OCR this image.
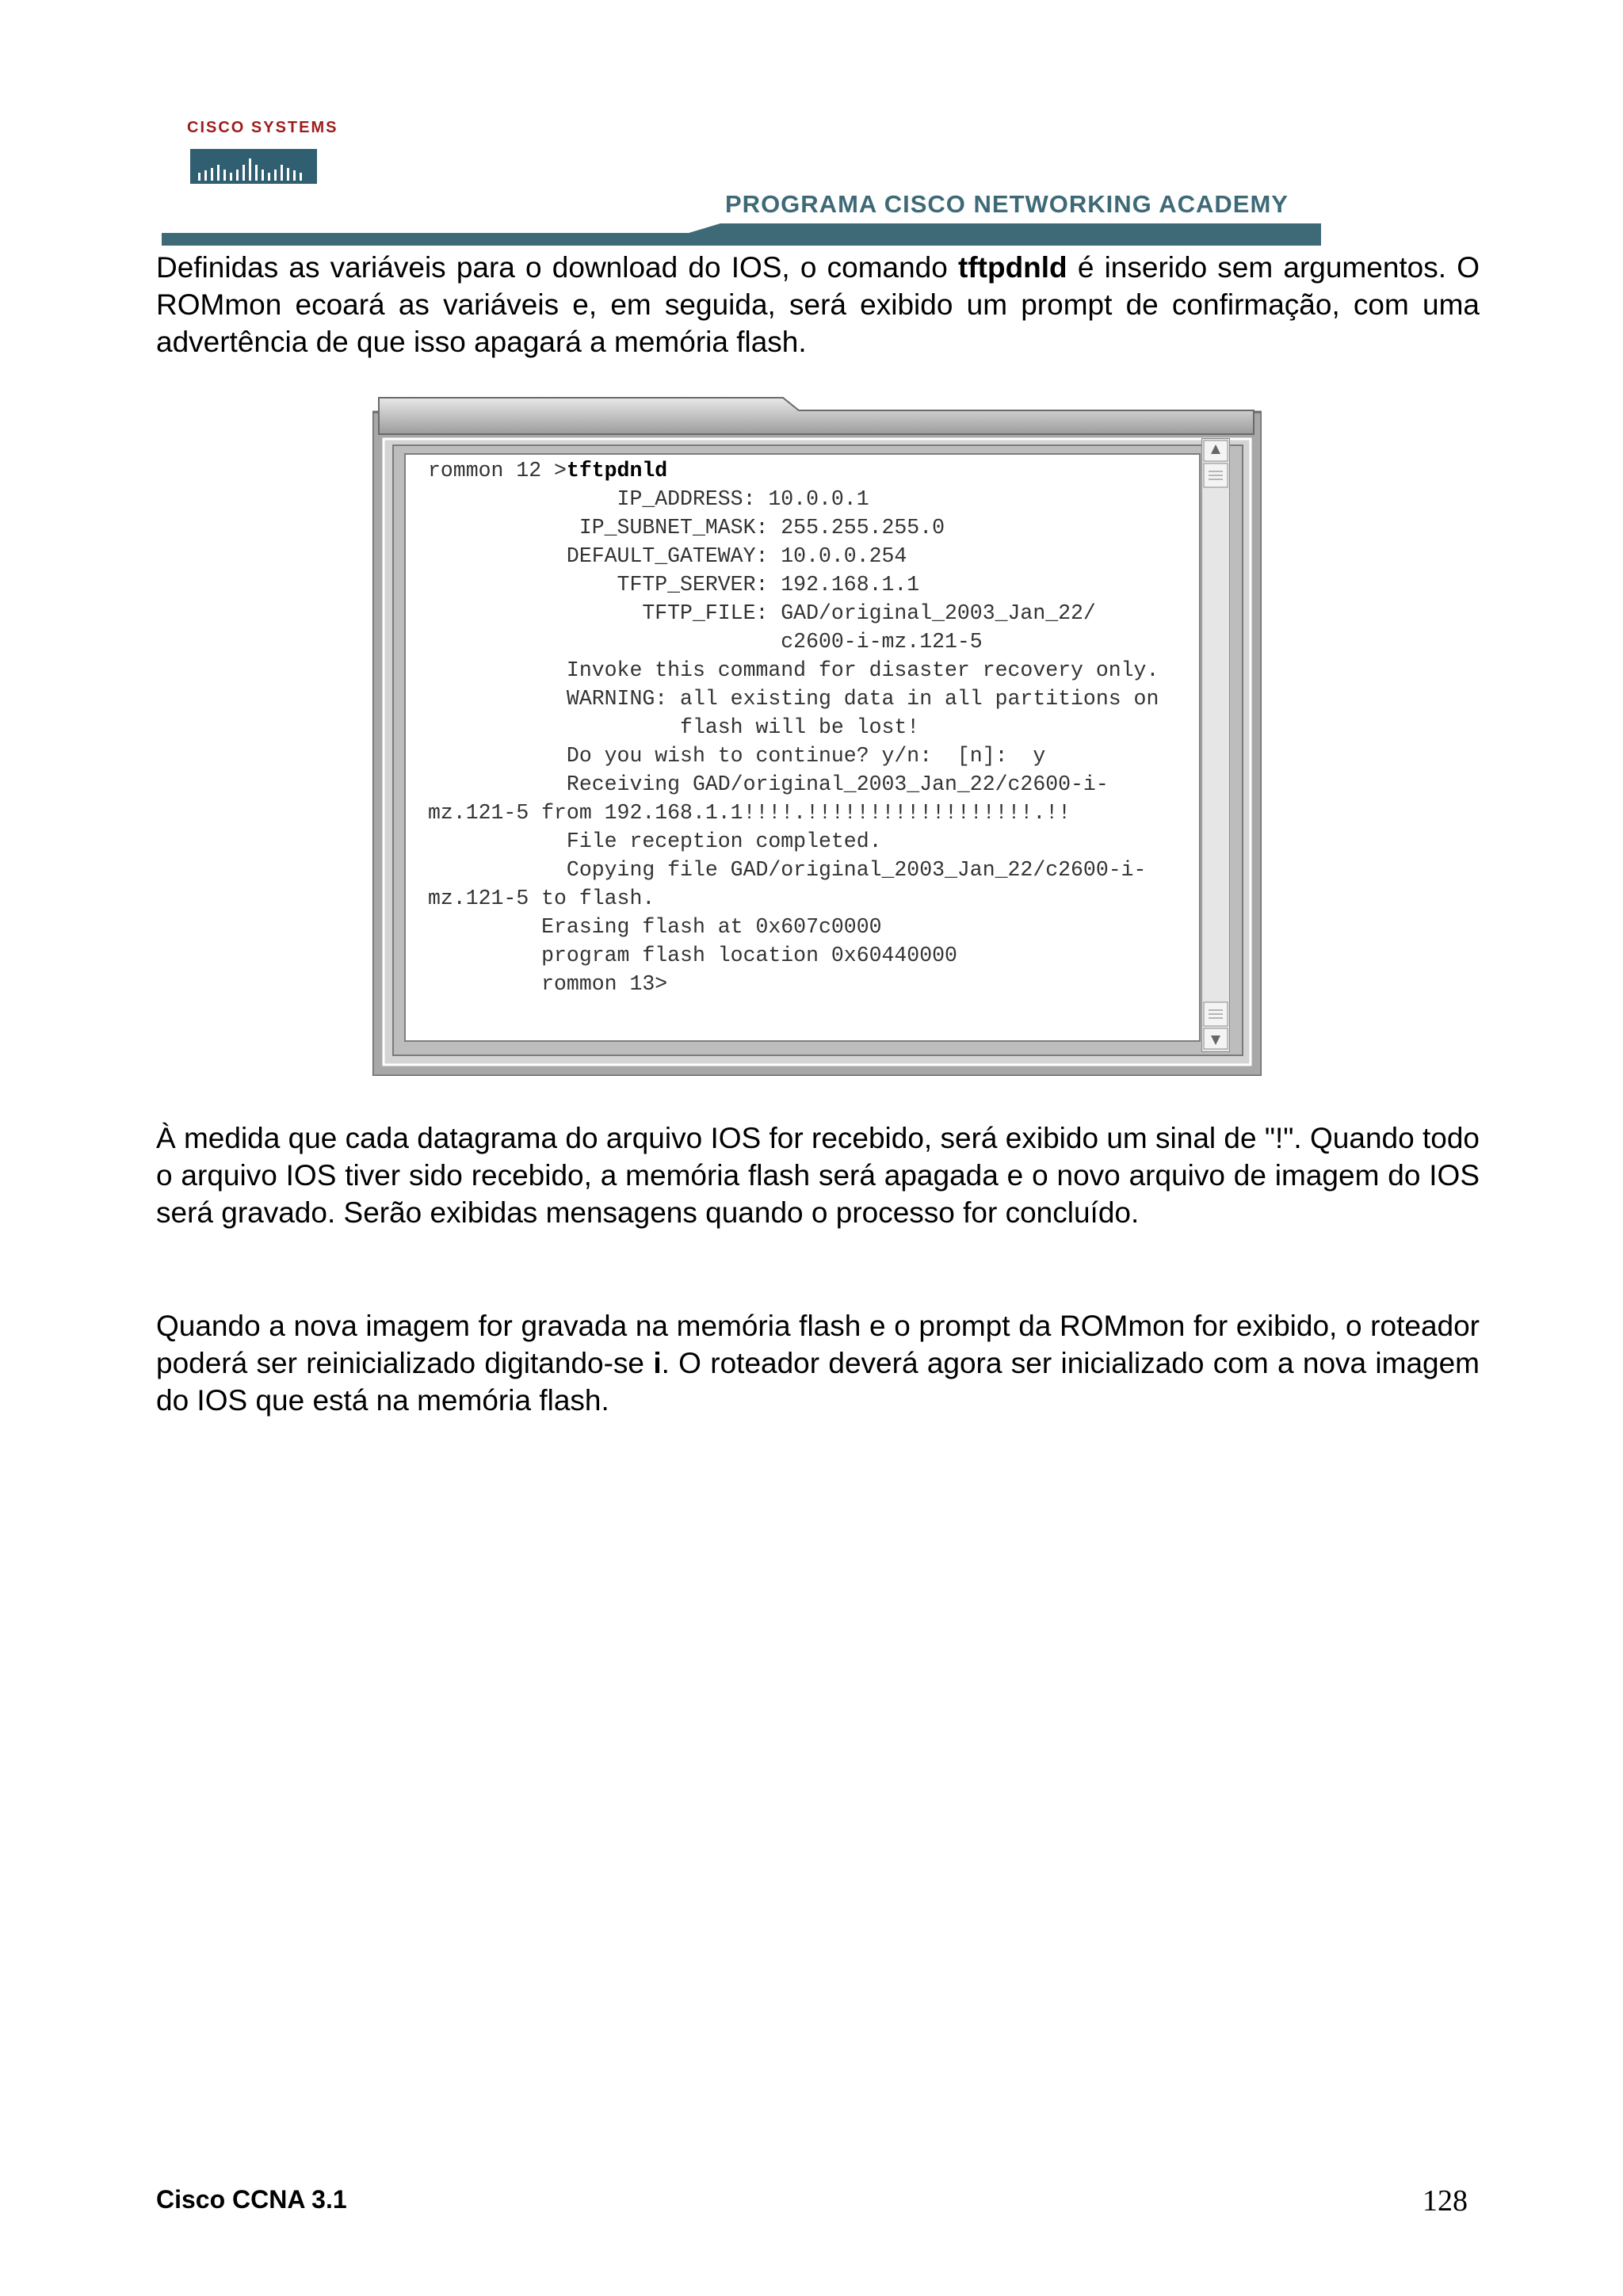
CISCO SYSTEMS
PROGRAMA CISCO NETWORKING ACADEMY

Definidas as variáveis para o download do IOS, o comando tftpdnld é inserido sem argumentos. O ROMmon ecoará as variáveis e, em seguida, será exibido um prompt de confirmação, com uma advertência de que isso apagará a memória flash.

rommon 12 >tftpdnld
IP_ADDRESS: 10.0.0.1
IP_SUBNET_MASK: 255.255.255.0
DEFAULT_GATEWAY: 10.0.0.254
TFTP_SERVER: 192.168.1.1
TFTP_FILE: GAD/original_2003_Jan_22/
c2600-i-mz.121-5
Invoke this command for disaster recovery only.
WARNING: all existing data in all partitions on
flash will be lost!
Do you wish to continue? y/n:  [n]:  y
Receiving GAD/original_2003_Jan_22/c2600-i-
mz.121-5 from 192.168.1.1!!!!.!!!!!!!!!!!!!!!!!!.!!
File reception completed.
Copying file GAD/original_2003_Jan_22/c2600-i-
mz.121-5 to flash.
Erasing flash at 0x607c0000
program flash location 0x60440000
rommon 13>

À medida que cada datagrama do arquivo IOS for recebido, será exibido um sinal de "!". Quando todo o arquivo IOS tiver sido recebido, a memória flash será apagada e o novo arquivo de imagem do IOS será gravado. Serão exibidas mensagens quando o processo for concluído.

Quando a nova imagem for gravada na memória flash e o prompt da ROMmon for exibido, o roteador poderá ser reinicializado digitando-se i. O roteador deverá agora ser inicializado com a nova imagem do IOS que está na memória flash.

Cisco CCNA 3.1	128
